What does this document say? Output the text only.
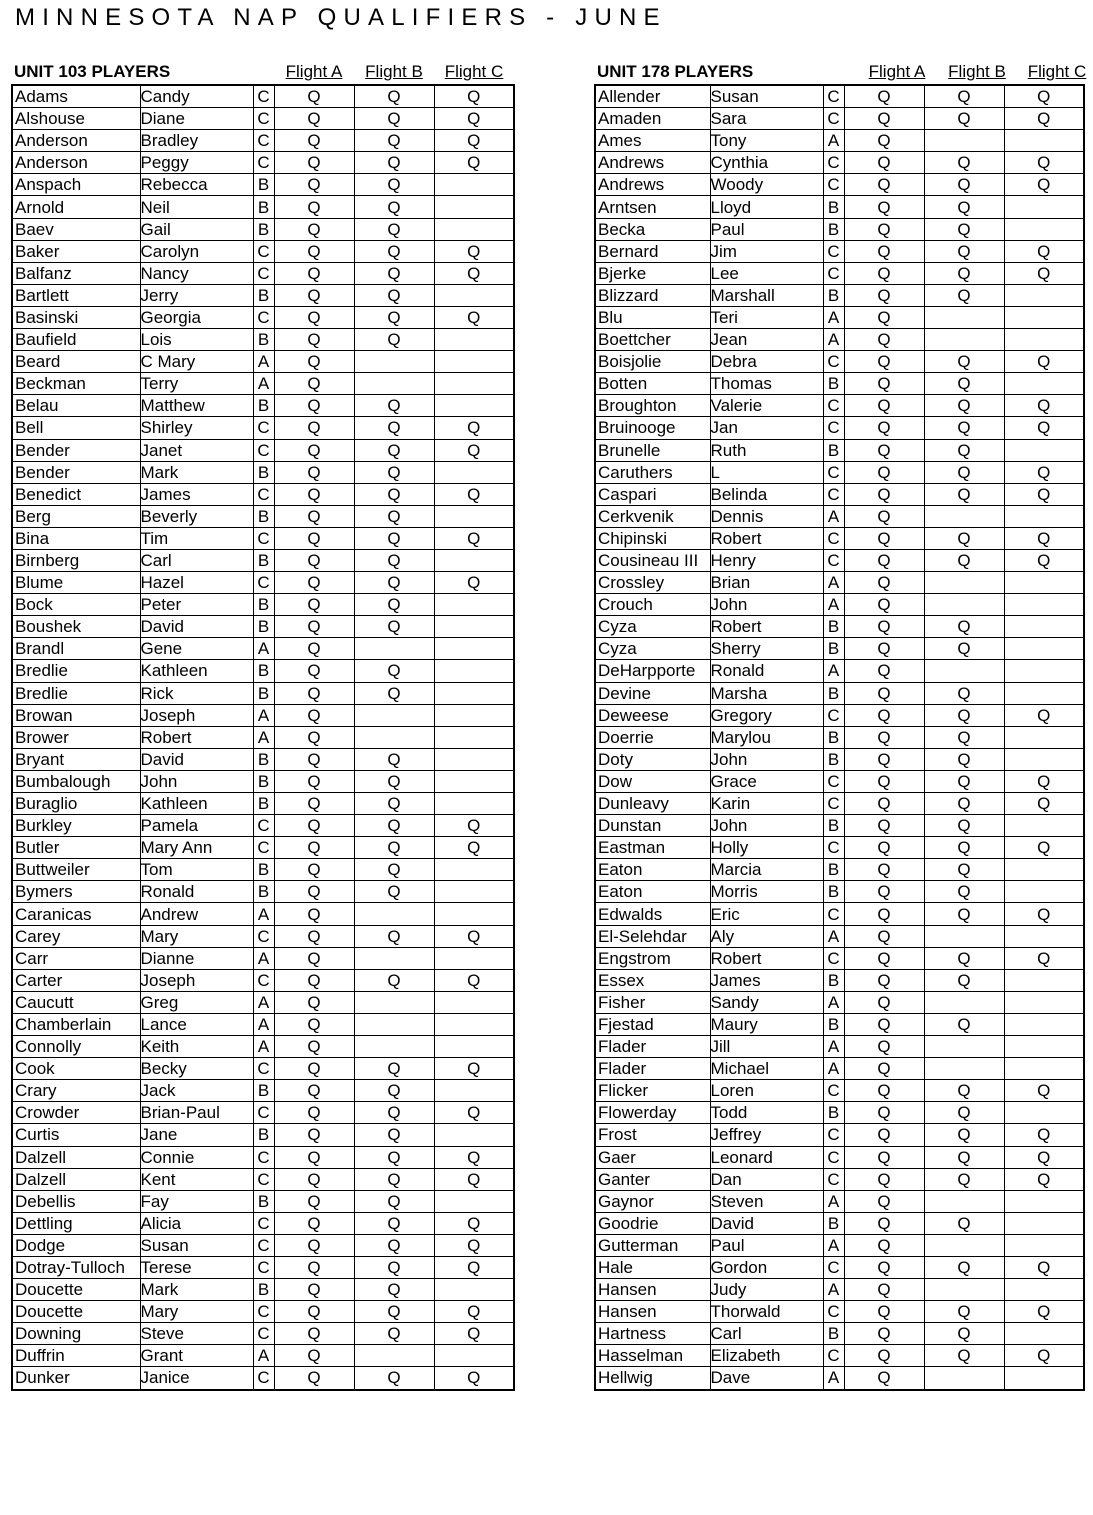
MINNESOTA NAP QUALIFIERS - JUNE
UNIT 103 PLAYERS	Flight A	Flight B	Flight C
Adams	Candy	C	Q	Q	Q
Alshouse	Diane	C	Q	Q	Q
Anderson	Bradley	C	Q	Q	Q
Anderson	Peggy	C	Q	Q	Q
Anspach	Rebecca	B	Q	Q	
Arnold	Neil	B	Q	Q	
Baev	Gail	B	Q	Q	
Baker	Carolyn	C	Q	Q	Q
Balfanz	Nancy	C	Q	Q	Q
Bartlett	Jerry	B	Q	Q	
Basinski	Georgia	C	Q	Q	Q
Baufield	Lois	B	Q	Q	
Beard	C Mary	A	Q		
Beckman	Terry	A	Q		
Belau	Matthew	B	Q	Q	
Bell	Shirley	C	Q	Q	Q
Bender	Janet	C	Q	Q	Q
Bender	Mark	B	Q	Q	
Benedict	James	C	Q	Q	Q
Berg	Beverly	B	Q	Q	
Bina	Tim	C	Q	Q	Q
Birnberg	Carl	B	Q	Q	
Blume	Hazel	C	Q	Q	Q
Bock	Peter	B	Q	Q	
Boushek	David	B	Q	Q	
Brandl	Gene	A	Q		
Bredlie	Kathleen	B	Q	Q	
Bredlie	Rick	B	Q	Q	
Browan	Joseph	A	Q		
Brower	Robert	A	Q		
Bryant	David	B	Q	Q	
Bumbalough	John	B	Q	Q	
Buraglio	Kathleen	B	Q	Q	
Burkley	Pamela	C	Q	Q	Q
Butler	Mary Ann	C	Q	Q	Q
Buttweiler	Tom	B	Q	Q	
Bymers	Ronald	B	Q	Q	
Caranicas	Andrew	A	Q		
Carey	Mary	C	Q	Q	Q
Carr	Dianne	A	Q		
Carter	Joseph	C	Q	Q	Q
Caucutt	Greg	A	Q		
Chamberlain	Lance	A	Q		
Connolly	Keith	A	Q		
Cook	Becky	C	Q	Q	Q
Crary	Jack	B	Q	Q	
Crowder	Brian-Paul	C	Q	Q	Q
Curtis	Jane	B	Q	Q	
Dalzell	Connie	C	Q	Q	Q
Dalzell	Kent	C	Q	Q	Q
Debellis	Fay	B	Q	Q	
Dettling	Alicia	C	Q	Q	Q
Dodge	Susan	C	Q	Q	Q
Dotray-Tulloch	Terese	C	Q	Q	Q
Doucette	Mark	B	Q	Q	
Doucette	Mary	C	Q	Q	Q
Downing	Steve	C	Q	Q	Q
Duffrin	Grant	A	Q		
Dunker	Janice	C	Q	Q	Q
UNIT 178 PLAYERS	Flight A	Flight B	Flight C
Allender	Susan	C	Q	Q	Q
Amaden	Sara	C	Q	Q	Q
Ames	Tony	A	Q		
Andrews	Cynthia	C	Q	Q	Q
Andrews	Woody	C	Q	Q	Q
Arntsen	Lloyd	B	Q	Q	
Becka	Paul	B	Q	Q	
Bernard	Jim	C	Q	Q	Q
Bjerke	Lee	C	Q	Q	Q
Blizzard	Marshall	B	Q	Q	
Blu	Teri	A	Q		
Boettcher	Jean	A	Q		
Boisjolie	Debra	C	Q	Q	Q
Botten	Thomas	B	Q	Q	
Broughton	Valerie	C	Q	Q	Q
Bruinooge	Jan	C	Q	Q	Q
Brunelle	Ruth	B	Q	Q	
Caruthers	L	C	Q	Q	Q
Caspari	Belinda	C	Q	Q	Q
Cerkvenik	Dennis	A	Q		
Chipinski	Robert	C	Q	Q	Q
Cousineau III	Henry	C	Q	Q	Q
Crossley	Brian	A	Q		
Crouch	John	A	Q		
Cyza	Robert	B	Q	Q	
Cyza	Sherry	B	Q	Q	
DeHarpporte	Ronald	A	Q		
Devine	Marsha	B	Q	Q	
Deweese	Gregory	C	Q	Q	Q
Doerrie	Marylou	B	Q	Q	
Doty	John	B	Q	Q	
Dow	Grace	C	Q	Q	Q
Dunleavy	Karin	C	Q	Q	Q
Dunstan	John	B	Q	Q	
Eastman	Holly	C	Q	Q	Q
Eaton	Marcia	B	Q	Q	
Eaton	Morris	B	Q	Q	
Edwalds	Eric	C	Q	Q	Q
El-Selehdar	Aly	A	Q		
Engstrom	Robert	C	Q	Q	Q
Essex	James	B	Q	Q	
Fisher	Sandy	A	Q		
Fjestad	Maury	B	Q	Q	
Flader	Jill	A	Q		
Flader	Michael	A	Q		
Flicker	Loren	C	Q	Q	Q
Flowerday	Todd	B	Q	Q	
Frost	Jeffrey	C	Q	Q	Q
Gaer	Leonard	C	Q	Q	Q
Ganter	Dan	C	Q	Q	Q
Gaynor	Steven	A	Q		
Goodrie	David	B	Q	Q	
Gutterman	Paul	A	Q		
Hale	Gordon	C	Q	Q	Q
Hansen	Judy	A	Q		
Hansen	Thorwald	C	Q	Q	Q
Hartness	Carl	B	Q	Q	
Hasselman	Elizabeth	C	Q	Q	Q
Hellwig	Dave	A	Q		
